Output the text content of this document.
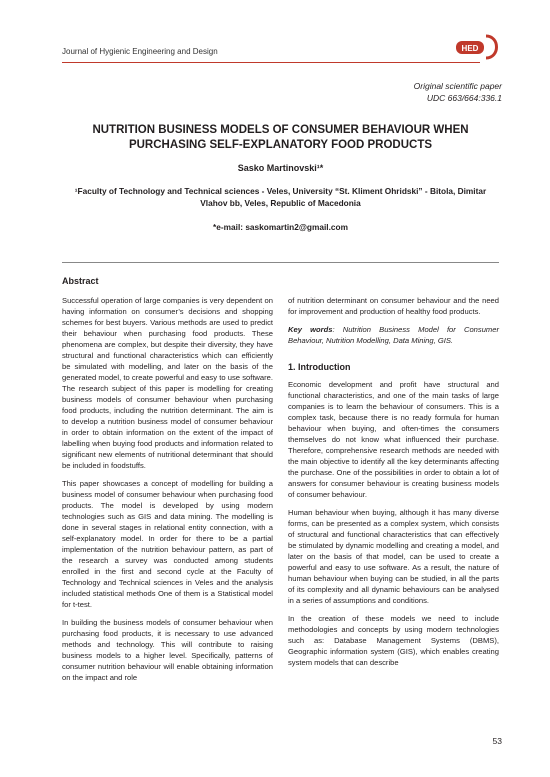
Journal of Hygienic Engineering and Design	HED
Original scientific paper
UDC 663/664:336.1
NUTRITION BUSINESS MODELS OF CONSUMER BEHAVIOUR WHEN PURCHASING SELF-EXPLANATORY FOOD PRODUCTS
Sasko Martinovski¹*
¹Faculty of Technology and Technical sciences - Veles, University “St. Kliment Ohridski” - Bitola, Dimitar Vlahov bb, Veles, Republic of Macedonia
*e-mail: saskomartin2@gmail.com
Abstract

Successful operation of large companies is very dependent on having information on consumer’s decisions and shopping schemes for best buyers. Various methods are used to predict their behaviour when purchasing food products. These phenomena are complex, but despite their diversity, they have structural and functional characteristics which can efficiently be simulated with modelling, and later on the basis of the generated model, to create powerful and easy to use software. The research subject of this paper is modelling for creating business models of consumer behaviour when purchasing food products, including the nutrition determinant. The aim is to develop a nutrition business model of consumer behaviour in order to obtain information on the extent of the impact of labelling when buying food products and information related to significant new elements of nutritional determinant that should be included in foodstuffs.

This paper showcases a concept of modelling for building a business model of consumer behaviour when purchasing food products. The model is developed by using modern technologies such as GIS and data mining. The modelling is done in several stages in relational entity connection, with a self-explanatory model. In order for there to be a partial implementation of the nutrition behaviour pattern, as part of the research a survey was conducted among students enrolled in the first and second cycle at the Faculty of Technology and Technical sciences in Veles and the analysis included statistical methods One of them is a Statistical model for t-test.

In building the business models of consumer behaviour when purchasing food products, it is necessary to use advanced methods and technology. This will contribute to raising business models to a higher level. Specifically, patterns of consumer nutrition behaviour will enable obtaining information on the impact and role

of nutrition determinant on consumer behaviour and the need for improvement and production of healthy food products.

Key words: Nutrition Business Model for Consumer Behaviour, Nutrition Modelling, Data Mining, GIS.

1. Introduction

Economic development and profit have structural and functional characteristics, and one of the main tasks of large companies is to learn the behaviour of consumers. This is a complex task, because there is no ready formula for human behaviour when buying, and often-times the consumers themselves do not know what influenced their purchase. Therefore, comprehensive research methods are needed with the main objective to identify all the key determinants affecting the purchase. One of the possibilities in order to obtain a lot of answers for consumer behaviour is creating business models of consumer behaviour.

Human behaviour when buying, although it has many diverse forms, can be presented as a complex system, which consists of structural and functional characteristics that can effectively be stimulated by dynamic modelling and creating a model, and later on the basis of that model, can be used to create a powerful and easy to use software. As a result, the nature of human behaviour when buying can be studied, in all the parts of its complexity and all dynamic behaviours can be analysed in a series of assumptions and conditions.

In the creation of these models we need to include methodologies and concepts by using modern technologies such as: Database Management Systems (DBMS), Geographic information system (GIS), which enables creating system models that can describe

53
